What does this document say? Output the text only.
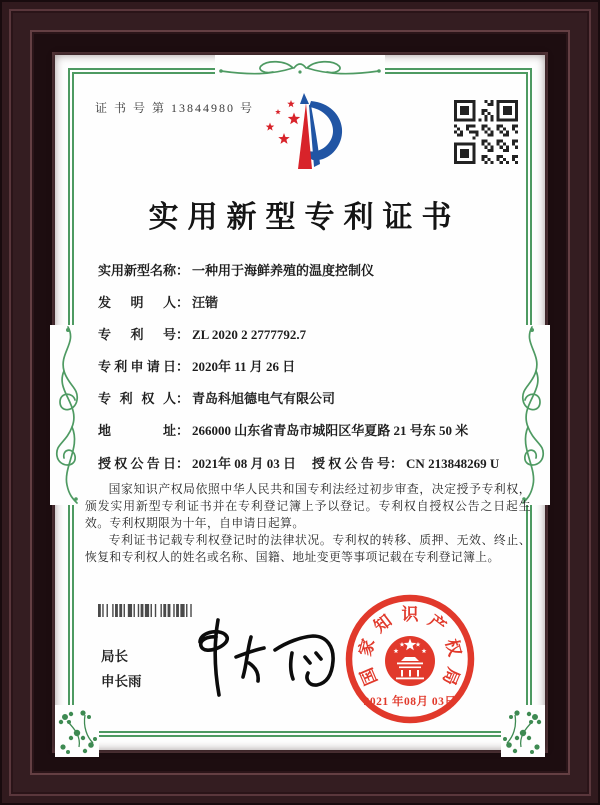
证 书 号 第 13844980 号
实用新型专利证书
实用新型名称： 一种用于海鲜养殖的温度控制仪
发明人： 汪锴
专利号： ZL 2020 2 2777792.7
专利申请日： 2020年 11 月 26 日
专利权人： 青岛科旭德电气有限公司
地址： 266000 山东省青岛市城阳区华夏路 21 号东 50 米
授权公告日： 2021年 08 月 03 日 授权公告号： CN 213848269 U

国家知识产权局依照中华人民共和国专利法经过初步审查，决定授予专利权，颁发实用新型专利证书并在专利登记簿上予以登记。专利权自授权公告之日起生效。专利权期限为十年，自申请日起算。

专利证书记载专利权登记时的法律状况。专利权的转移、质押、无效、终止、恢复和专利权人的姓名或名称、国籍、地址变更等事项记载在专利登记簿上。

局长
申长雨	国
家
知 识 产
权
局
2021 年08月 03日
